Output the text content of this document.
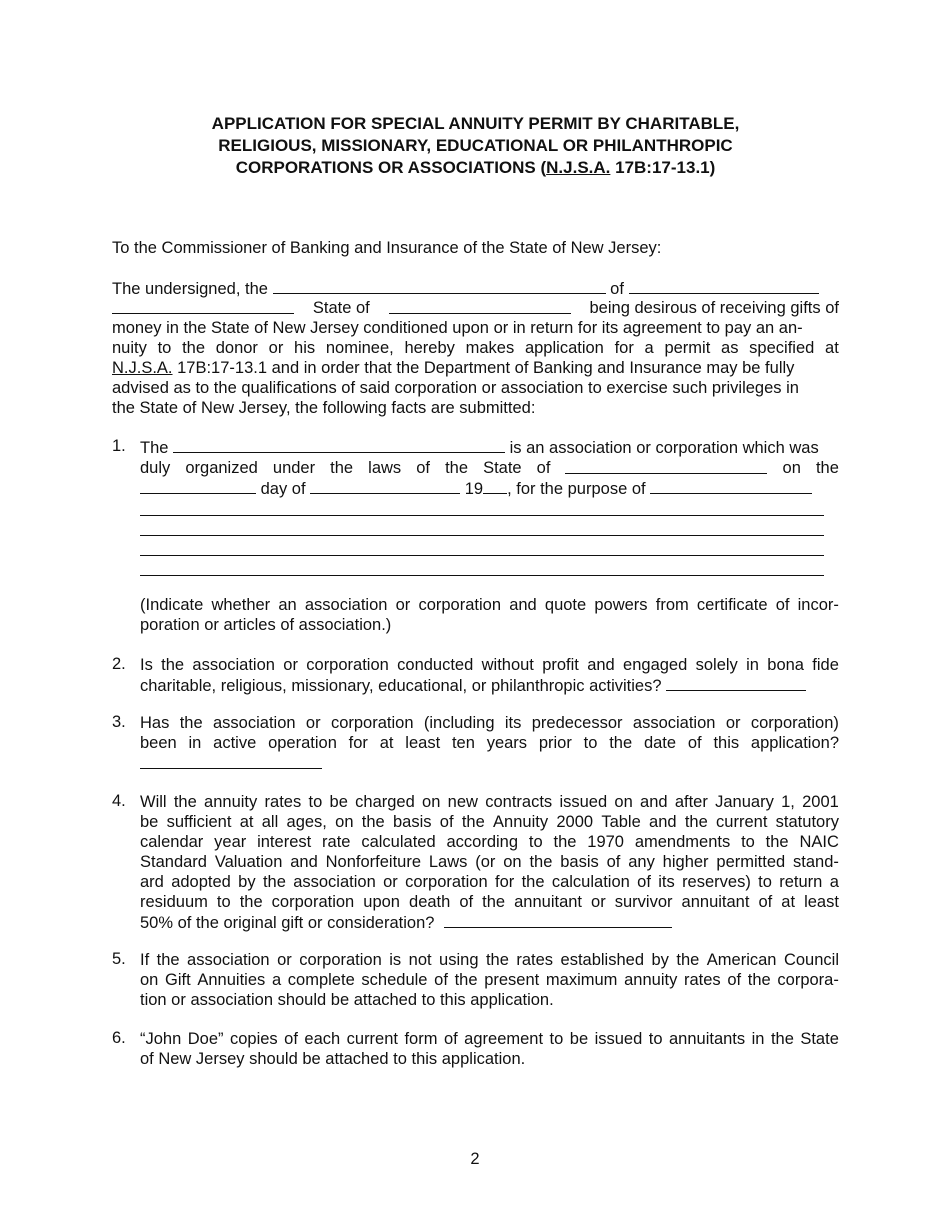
APPLICATION FOR SPECIAL ANNUITY PERMIT BY CHARITABLE,
RELIGIOUS, MISSIONARY, EDUCATIONAL OR PHILANTHROPIC
CORPORATIONS OR ASSOCIATIONS (N.J.S.A. 17B:17-13.1)
To the Commissioner of Banking and Insurance of the State of New Jersey:
The undersigned, the	of
State of	being desirous of receiving gifts of
money in the State of New Jersey conditioned upon or in return for its agreement to pay an an-
nuity to the donor or his nominee, hereby makes application for a permit as specified at
N.J.S.A. 17B:17-13.1 and in order that the Department of Banking and Insurance may be fully
advised as to the qualifications of said corporation or association to exercise such privileges in
the State of New Jersey, the following facts are submitted:
1. The	is an association or corporation which was
duly organized under the laws of the State of	on the
day of	19 , for the purpose of
(Indicate whether an association or corporation and quote powers from certificate of incor-
poration or articles of association.)
2. Is the association or corporation conducted without profit and engaged solely in bona fide
charitable, religious, missionary, educational, or philanthropic activities?
3. Has the association or corporation (including its predecessor association or corporation)
been in active operation for at least ten years prior to the date of this application?
4. Will the annuity rates to be charged on new contracts issued on and after January 1, 2001
be sufficient at all ages, on the basis of the Annuity 2000 Table and the current statutory
calendar year interest rate calculated according to the 1970 amendments to the NAIC
Standard Valuation and Nonforfeiture Laws (or on the basis of any higher permitted stand-
ard adopted by the association or corporation for the calculation of its reserves) to return a
residuum to the corporation upon death of the annuitant or survivor annuitant of at least
50% of the original gift or consideration?
5. If the association or corporation is not using the rates established by the American Council
on Gift Annuities a complete schedule of the present maximum annuity rates of the corpora-
tion or association should be attached to this application.
6. “John Doe” copies of each current form of agreement to be issued to annuitants in the State
of New Jersey should be attached to this application.
2
